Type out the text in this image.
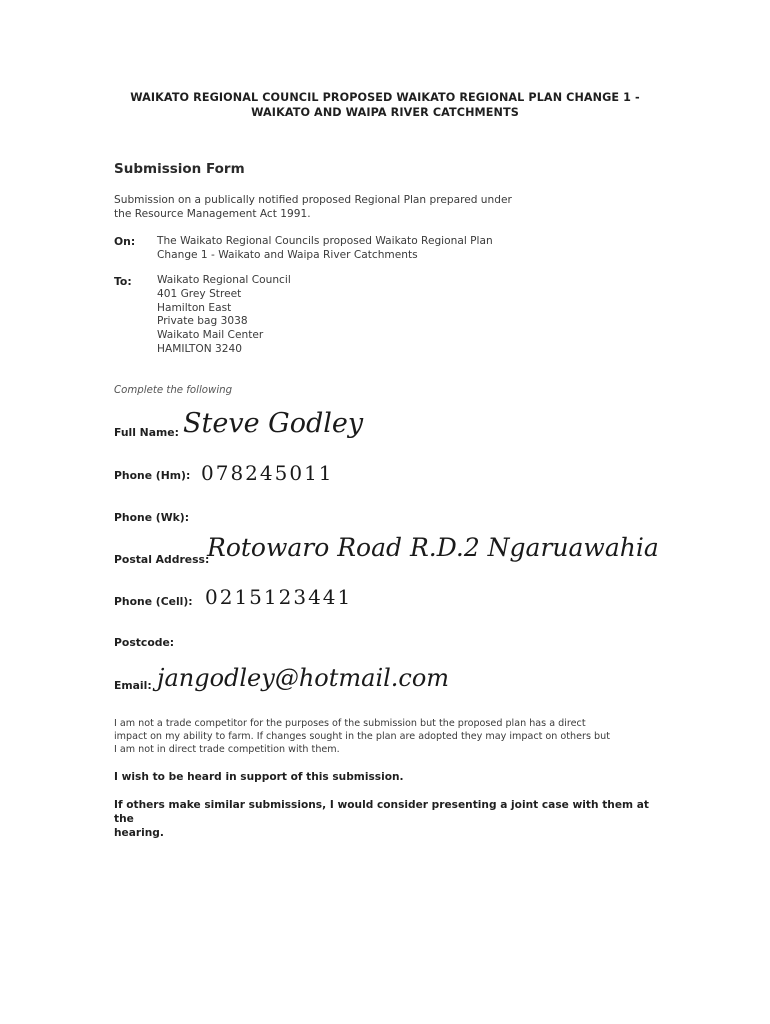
WAIKATO REGIONAL COUNCIL PROPOSED WAIKATO REGIONAL PLAN CHANGE 1 -
WAIKATO AND WAIPA RIVER CATCHMENTS
Submission Form
Submission on a publically notified proposed Regional Plan prepared under
the Resource Management Act 1991.
On: The Waikato Regional Councils proposed Waikato Regional Plan
Change 1 - Waikato and Waipa River Catchments
To: Waikato Regional Council
401 Grey Street
Hamilton East
Private bag 3038
Waikato Mail Center
HAMILTON 3240
Complete the following
Full Name: Steve Godley
Phone (Hm): 078245011
Phone (Wk):
Postal Address:
Rotowaro Road R.D.2 Ngaruawahia
Phone (Cell): 0215123441
Postcode:
Email: jangodley@hotmail.com
I am not a trade competitor for the purposes of the submission but the proposed plan has a direct
impact on my ability to farm. If changes sought in the plan are adopted they may impact on others but
I am not in direct trade competition with them.
I wish to be heard in support of this submission.
If others make similar submissions, I would consider presenting a joint case with them at the
hearing.
